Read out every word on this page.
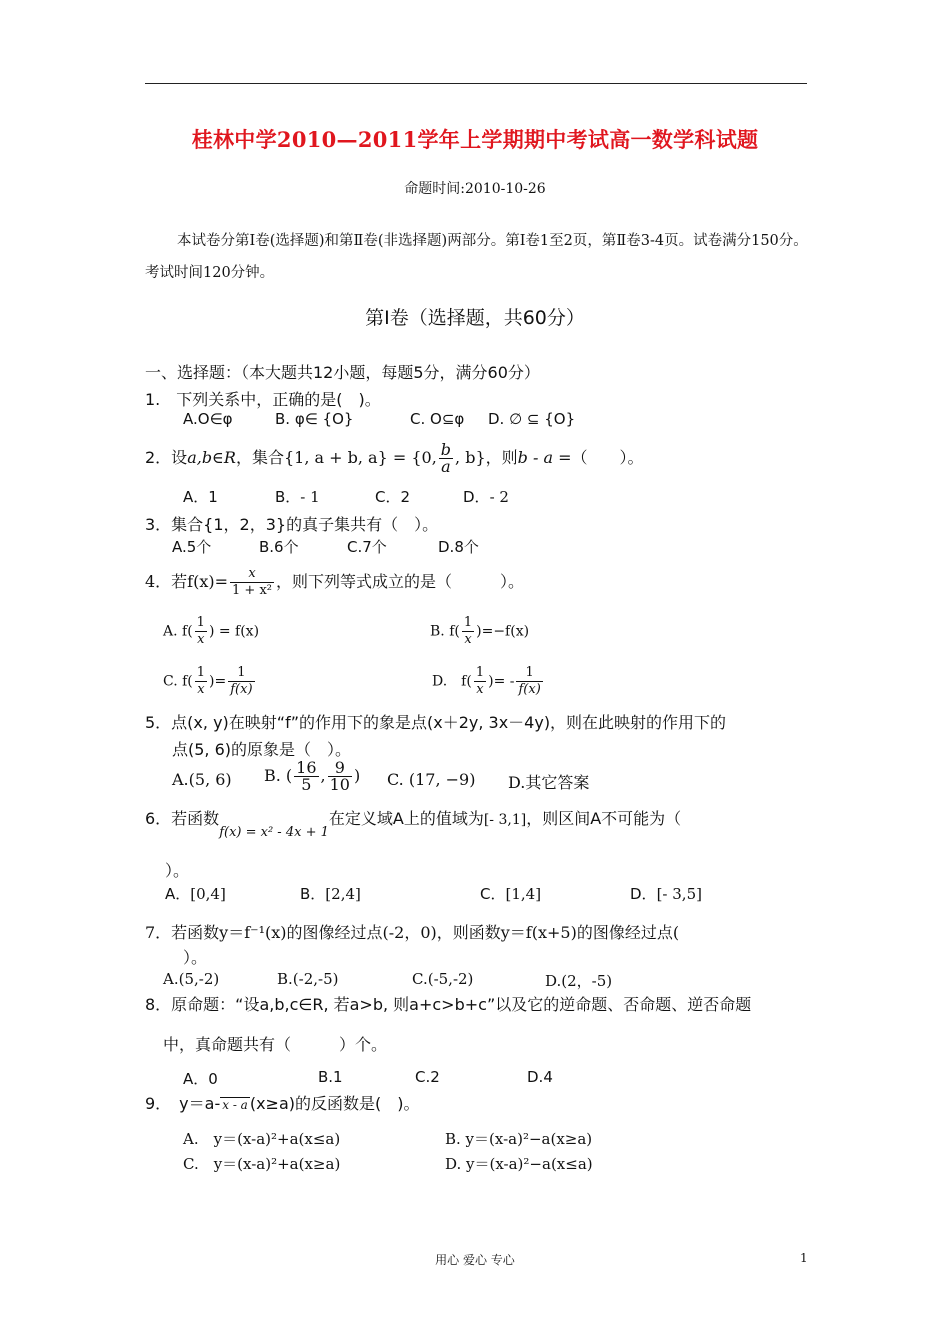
桂林中学2010—2011学年上学期期中考试高一数学科试题
命题时间:2010-10-26
本试卷分第Ⅰ卷(选择题)和第Ⅱ卷(非选择题)两部分。第Ⅰ卷1至2页，第Ⅱ卷3-4页。试卷满分150分。考试时间120分钟。
第I卷（选择题，共60分）
一、选择题：（本大题共12小题，每题5分，满分60分）
1.　下列关系中，正确的是(　)。
A.O∈φ	B. φ∈ {O}	C. O⊆φ D. ∅ ⊆ {O}
2．设a,b∈R，集合{1, a + b, a} = {0, $\frac{b}{a}$ , b}，则b - a =（　　）。
A．1	B．- 1	C．2	D．- 2
3．集合{1，2，3}的真子集共有（　）。
A.5个	B.6个	C.7个	D.8个
4．若$f(x)= \frac{x}{\text{1 + x²}}$ ，则下列等式成立的是（　　　）。
A. $f( \frac{1}{x}$ ) = f(x)	B. $f( \frac{1}{x} )=-f(x)$
C. $f( \frac{1}{x}$ )= $\frac{1}{f(x)}$	D.　$f( \frac{1}{x}$ )= - $\frac{1}{f(x)}$
5．点(x, y)在映射“f”的作用下的象是点(x＋2y, 3x－4y)，则在此映射的作用下的
点(5, 6)的原象是（　）。
A.(5, 6) B. ( $\frac{16}{5}$ , $\frac{9}{10}$ ) C. (17, −9) D.其它答案
6．若函数$_{f(x) = x^2 - 4x + 1}$在定义域A上的值域为[- 3,1]，则区间A不可能为（
）。
A．[0,4]	B．[2,4]	C．[1,4]	D．[- 3,5]
7．若函数y＝f⁻¹(x)的图像经过点(-2，0)，则函数y＝f(x+5)的图像经过点(
）。
A.(5,-2)	B.(-2,-5)	C.(-5,-2)	D.(2，-5)
8．原命题：“设a,b,c∈R, 若a>b, 则a+c>b+c”以及它的逆命题、否命题、逆否命题
中，真命题共有（　　　）个。
A．0	B.1	C.2	D.4
9．　y＝a- x - a (x≥a)的反函数是(　)。
A.　y＝(x-a)²+a(x≤a)	B. y＝(x-a)²−a(x≥a)
C.　y＝(x-a)²+a(x≥a)	D. y＝(x-a)²−a(x≤a)
用心 爱心 专心	1
